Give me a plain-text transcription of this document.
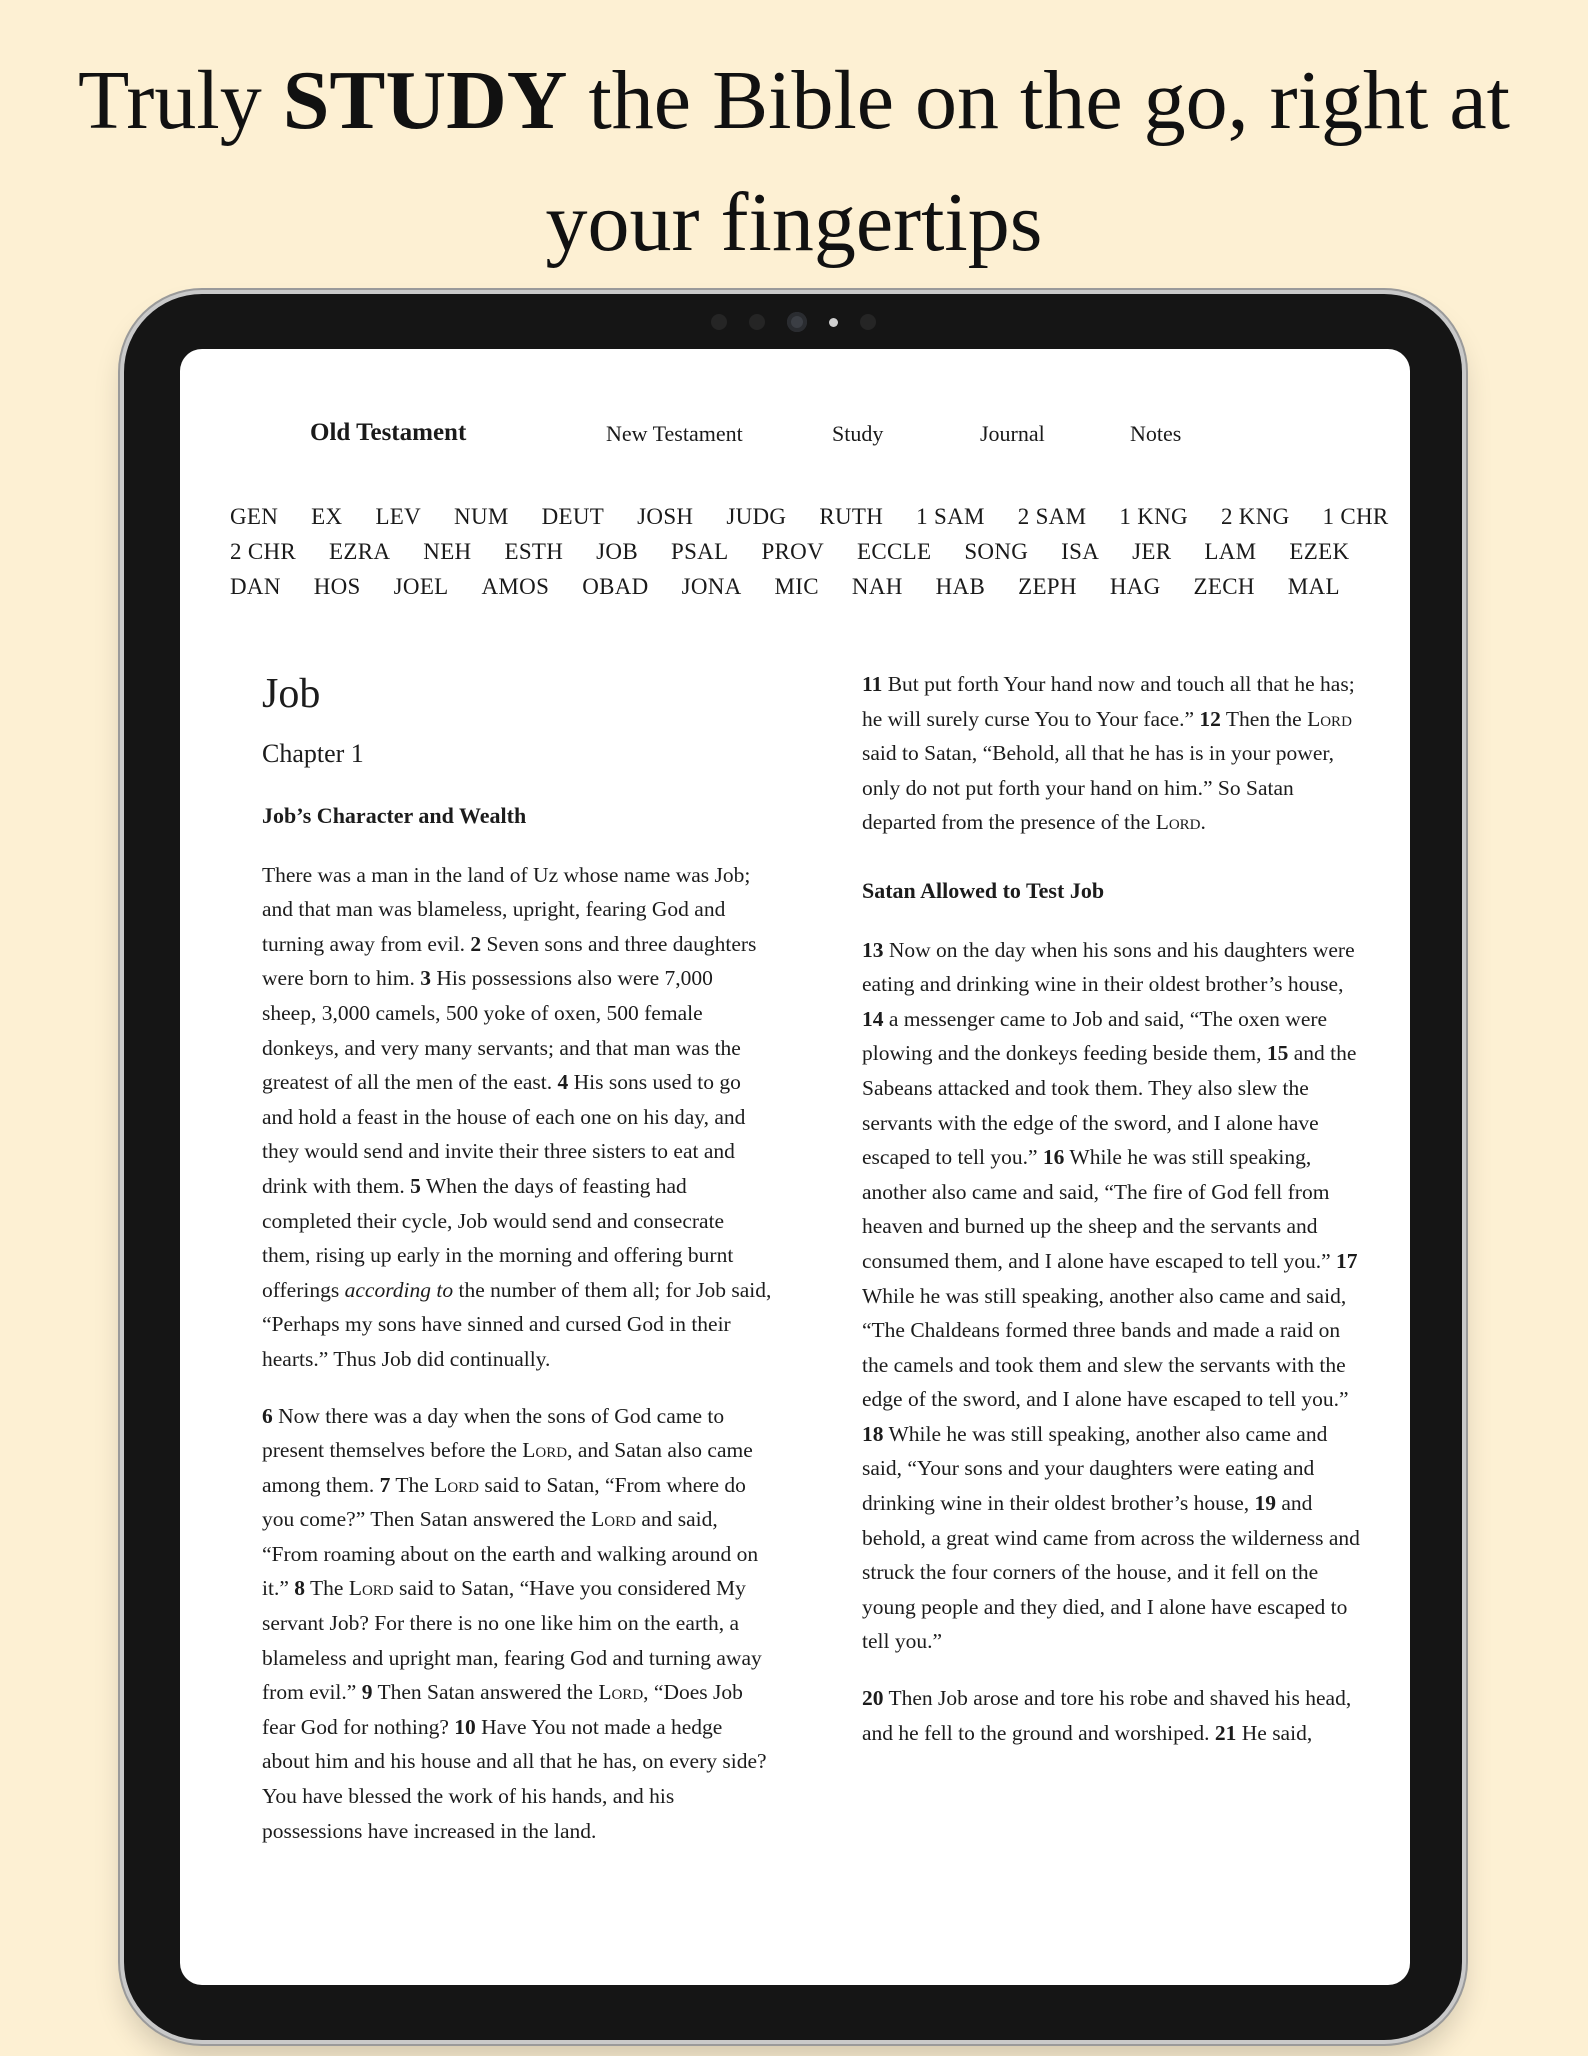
Truly STUDY the Bible on the go, right at your fingertips
Old Testament	New Testament	Study	Journal	Notes
GEN EX LEV NUM DEUT JOSH JUDG RUTH 1 SAM 2 SAM 1 KNG 2 KNG 1 CHR
2 CHR EZRA NEH ESTH JOB PSAL PROV ECCLE SONG ISA JER LAM EZEK
DAN HOS JOEL AMOS OBAD JONA MIC NAH HAB ZEPH HAG ZECH MAL
Job
Chapter 1
Job’s Character and Wealth

There was a man in the land of Uz whose name was Job; and that man was blameless, upright, fearing God and turning away from evil. 2 Seven sons and three daughters were born to him. 3 His possessions also were 7,000 sheep, 3,000 camels, 500 yoke of oxen, 500 female donkeys, and very many servants; and that man was the greatest of all the men of the east. 4 His sons used to go and hold a feast in the house of each one on his day, and they would send and invite their three sisters to eat and drink with them. 5 When the days of feasting had completed their cycle, Job would send and consecrate them, rising up early in the morning and offering burnt offerings according to the number of them all; for Job said, “Perhaps my sons have sinned and cursed God in their hearts.” Thus Job did continually.

6 Now there was a day when the sons of God came to present themselves before the Lord, and Satan also came among them. 7 The Lord said to Satan, “From where do you come?” Then Satan answered the Lord and said, “From roaming about on the earth and walking around on it.” 8 The Lord said to Satan, “Have you considered My servant Job? For there is no one like him on the earth, a blameless and upright man, fearing God and turning away from evil.” 9 Then Satan answered the Lord, “Does Job fear God for nothing? 10 Have You not made a hedge about him and his house and all that he has, on every side? You have blessed the work of his hands, and his possessions have increased in the land.

11 But put forth Your hand now and touch all that he has; he will surely curse You to Your face.” 12 Then the Lord said to Satan, “Behold, all that he has is in your power, only do not put forth your hand on him.” So Satan departed from the presence of the Lord.

Satan Allowed to Test Job

13 Now on the day when his sons and his daughters were eating and drinking wine in their oldest brother’s house, 14 a messenger came to Job and said, “The oxen were plowing and the donkeys feeding beside them, 15 and the Sabeans attacked and took them. They also slew the servants with the edge of the sword, and I alone have escaped to tell you.” 16 While he was still speaking, another also came and said, “The fire of God fell from heaven and burned up the sheep and the servants and consumed them, and I alone have escaped to tell you.” 17 While he was still speaking, another also came and said, “The Chaldeans formed three bands and made a raid on the camels and took them and slew the servants with the edge of the sword, and I alone have escaped to tell you.” 18 While he was still speaking, another also came and said, “Your sons and your daughters were eating and drinking wine in their oldest brother’s house, 19 and behold, a great wind came from across the wilderness and struck the four corners of the house, and it fell on the young people and they died, and I alone have escaped to tell you.”

20 Then Job arose and tore his robe and shaved his head, and he fell to the ground and worshiped. 21 He said,
